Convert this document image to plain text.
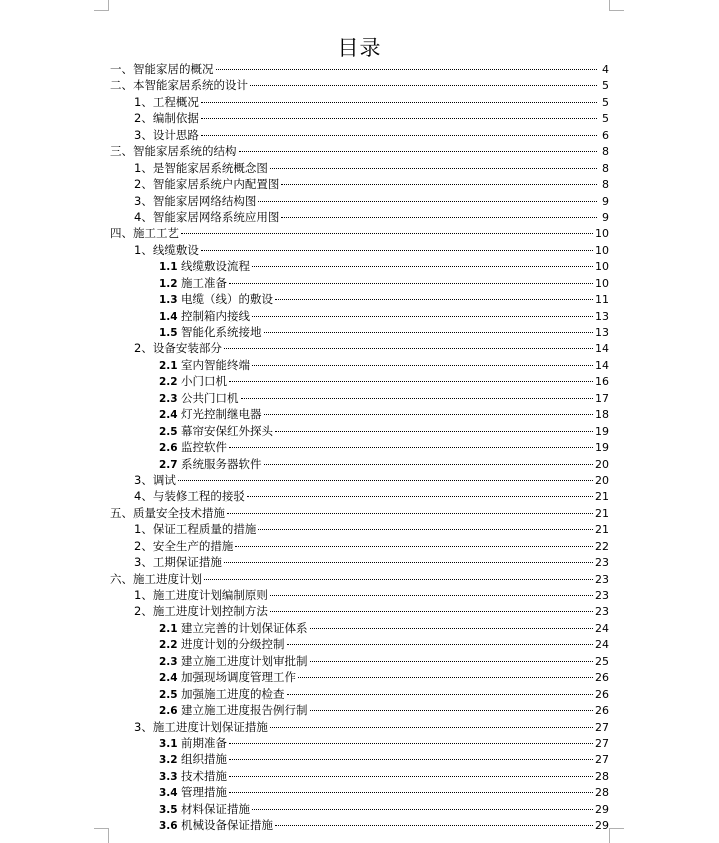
目录
一、 智能家居的概况	4
二、 本智能家居系统的设计	5
1、 工程概况	5
2、 编制依据	5
3、 设计思路	6
三、 智能家居系统的结构	8
1、 是智能家居系统概念图	8
2、 智能家居系统户内配置图	8
3、 智能家居网络结构图	9
4、 智能家居网络系统应用图	9
四、 施工工艺	10
1、 线缆敷设	10
1.1 线缆敷设流程	10
1.2 施工准备	10
1.3 电缆（线）的敷设	11
1.4 控制箱内接线	13
1.5 智能化系统接地	13
2、 设备安装部分	14
2.1 室内智能终端	14
2.2 小门口机	16
2.3 公共门口机	17
2.4 灯光控制继电器	18
2.5 幕帘安保红外探头	19
2.6 监控软件	19
2.7 系统服务器软件	20
3、 调试	20
4、 与装修工程的接驳	21
五、 质量安全技术措施	21
1、 保证工程质量的措施	21
2、 安全生产的措施	22
3、 工期保证措施	23
六、 施工进度计划	23
1、 施工进度计划编制原则	23
2、 施工进度计划控制方法	23
2.1 建立完善的计划保证体系	24
2.2 进度计划的分级控制	24
2.3 建立施工进度计划审批制	25
2.4 加强现场调度管理工作	26
2.5 加强施工进度的检查	26
2.6 建立施工进度报告例行制	26
3、 施工进度计划保证措施	27
3.1 前期准备	27
3.2 组织措施	27
3.3 技术措施	28
3.4 管理措施	28
3.5 材料保证措施	29
3.6 机械设备保证措施	29
